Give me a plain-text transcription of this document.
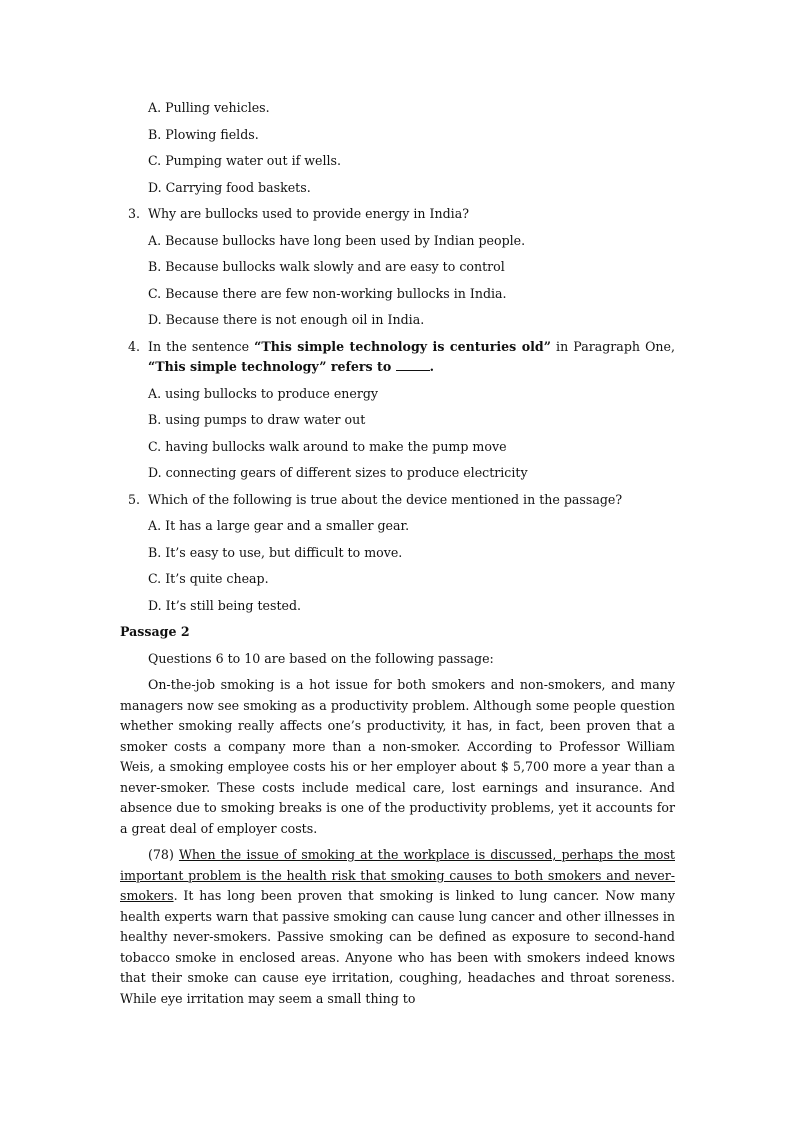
A. Pulling vehicles.
B. Plowing fields.
C. Pumping water out if wells.
D. Carrying food baskets.
3. Why are bullocks used to provide energy in India?
A. Because bullocks have long been used by Indian people.
B. Because bullocks walk slowly and are easy to control
C. Because there are few non-working bullocks in India.
D. Because there is not enough oil in India.
4. In the sentence “This simple technology is centuries old” in Paragraph One, “This simple technology” refers to	.
A. using bullocks to produce energy
B. using pumps to draw water out
C. having bullocks walk around to make the pump move
D. connecting gears of different sizes to produce electricity
5. Which of the following is true about the device mentioned in the passage?
A. It has a large gear and a smaller gear.
B. It’s easy to use, but difficult to move.
C. It’s quite cheap.
D. It’s still being tested.
Passage 2
Questions 6 to 10 are based on the following passage:
On-the-job smoking is a hot issue for both smokers and non-smokers, and many managers now see smoking as a productivity problem. Although some people question whether smoking really affects one’s productivity, it has, in fact, been proven that a smoker costs a company more than a non-smoker. According to Professor William Weis, a smoking employee costs his or her employer about $ 5,700 more a year than a never-smoker. These costs include medical care, lost earnings and insurance. And absence due to smoking breaks is one of the productivity problems, yet it accounts for a great deal of employer costs.
(78) When the issue of smoking at the workplace is discussed, perhaps the most important problem is the health risk that smoking causes to both smokers and never-smokers. It has long been proven that smoking is linked to lung cancer. Now many health experts warn that passive smoking can cause lung cancer and other illnesses in healthy never-smokers. Passive smoking can be defined as exposure to second-hand tobacco smoke in enclosed areas. Anyone who has been with smokers indeed knows that their smoke can cause eye irritation, coughing, headaches and throat soreness. While eye irritation may seem a small thing to
